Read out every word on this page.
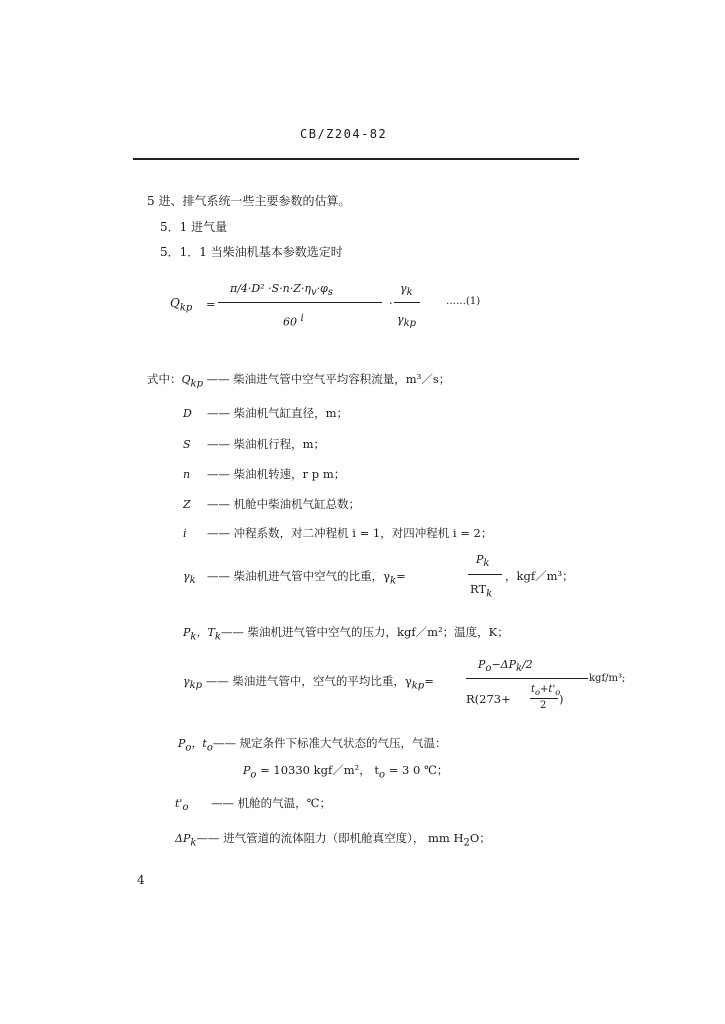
CB/Z204-82
5 进、排气系统一些主要参数的估算。
5．1 进气量
5．1．1 当柴油机基本参数选定时
$Q_{kp}$ =
$\pi/4\cdot D^2 \cdot S\cdot n\cdot Z\cdot\eta_v\cdot\varphi_s$
60 $^i$
·
$\gamma_k$
$\gamma_{kp}$
……(1)
式中：$Q_{kp}$ —— 柴油进气管中空气平均容积流量，m³／s；
D —— 柴油机气缸直径，m；
S —— 柴油机行程，m；
n —— 柴油机转速，r p m；
Z —— 机舱中柴油机气缸总数；
i —— 冲程系数，对二冲程机 i = 1，对四冲程机 i = 2；
$\gamma_k$ —— 柴油机进气管中空气的比重，$\gamma_k=$
$P_k$
$RT_k$
，kgf／m³；
$P_k$，$T_k——$ 柴油机进气管中空气的压力，kgf／m²；温度，K；
$\gamma_{kp}$ —— 柴油进气管中，空气的平均比重，$\gamma_{kp}=$
$P_o-\Delta P_k/2$
R(273+
$t_o+t'_o$
2 )
kgf/m³;
$P_o$，$t_o——$ 规定条件下标准大气状态的气压，气温：
$P_o = 10330$ kgf／m²， $t_o = 3$ 0 ℃；
$t'_o$ —— 机舱的气温，℃；
$\Delta P_k——$ 进气管道的流体阻力（即机舱真空度）， mm $H_2O$；
4
